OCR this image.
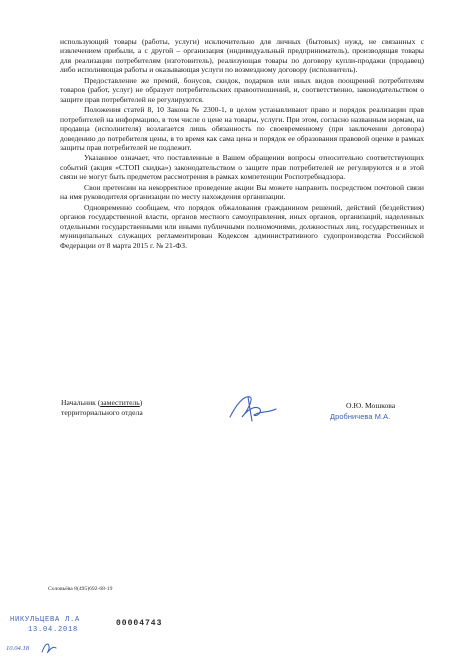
использующий товары (работы, услуги) исключительно для личных (бытовых) нужд, не связанных с извлечением прибыли, а с другой – организация (индивидуальный предприниматель), производящая товары для реализации потребителям (изготовитель), реализующая товары по договору купли-продажи (продавец) либо исполняющая работы и оказывающая услуги по возмездному договору (исполнитель).

Предоставление же премий, бонусов, скидок, подарков или иных видов поощрений потребителям товаров (работ, услуг) не образует потребительских правоотношений, и, соответственно, законодательством о защите прав потребителей не регулируются.

Положения статей 8, 10 Закона № 2300-1, в целом устанавливают право и порядок реализации прав потребителей на информацию, в том числе о цене на товары, услуги. При этом, согласно названным нормам, на продавца (исполнителя) возлагается лишь обязанность по своевременному (при заключении договора) доведению до потребителя цены, в то время как сама цена и порядок ее образования правовой оценке в рамках защиты прав потребителей не подлежит.

Указанное означает, что поставленные в Вашем обращении вопросы относительно соответствующих событий (акция «СТОП скидка») законодательством о защите прав потребителей не регулируются и в этой связи не могут быть предметом рассмотрения в рамках компетенции Роспотребнадзора.

Свои претензии на некорректное проведение акции Вы можете направить посредством почтовой связи на имя руководителя организации по месту нахождения организации.

Одновременно сообщаем, что порядок обжалования гражданином решений, действий (бездействия) органов государственной власти, органов местного самоуправления, иных органов, организаций, наделенных отдельными государственными или иными публичными полномочиями, должностных лиц, государственных и муниципальных служащих регламентирован Кодексом административного судопроизводства Российской Федерации от 8 марта 2015 г. № 21-ФЗ.

Начальник (заместитель)
территориального отдела
О.Ю. Мошкова
Дробничева М.А.
Соловьёва 8(495)692-68-19
НИКУЛЬЦЕВА Л.А
13.04.2018
00004743
10.04.18
